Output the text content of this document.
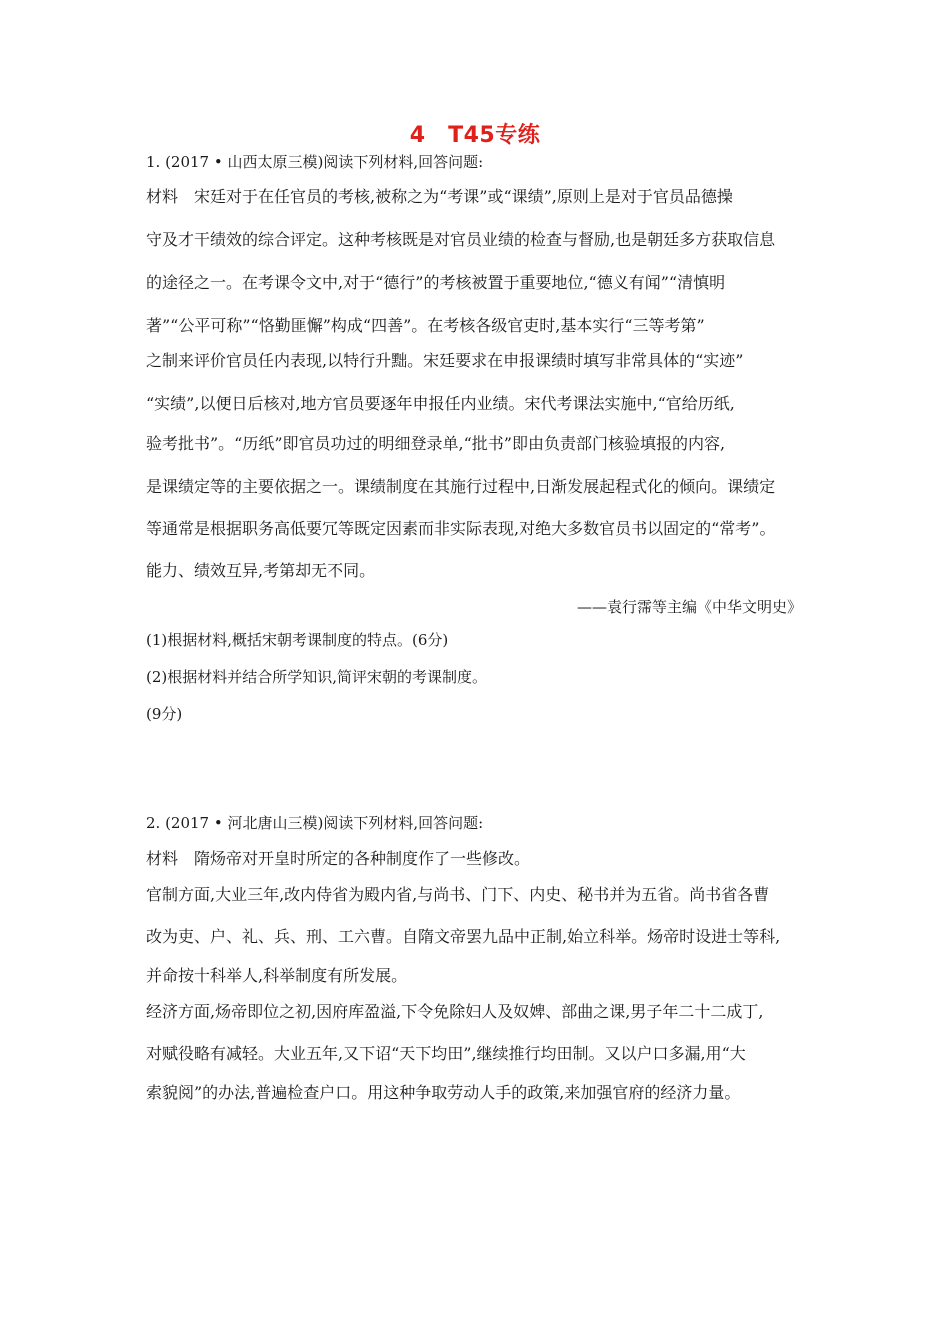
4　T45专练
1. (2017 • 山西太原三模)阅读下列材料,回答问题:
材料　宋廷对于在任官员的考核,被称之为“考课”或“课绩”,原则上是对于官员品德操
守及才干绩效的综合评定。这种考核既是对官员业绩的检查与督励,也是朝廷多方获取信息
的途径之一。在考课令文中,对于“德行”的考核被置于重要地位,“德义有闻”“清慎明
著”“公平可称”“恪勤匪懈”构成“四善”。在考核各级官吏时,基本实行“三等考第”
之制来评价官员任内表现,以特行升黜。宋廷要求在申报课绩时填写非常具体的“实迹”
“实绩”,以便日后核对,地方官员要逐年申报任内业绩。宋代考课法实施中,“官给历纸,
验考批书”。“历纸”即官员功过的明细登录单,“批书”即由负责部门核验填报的内容,
是课绩定等的主要依据之一。课绩制度在其施行过程中,日渐发展起程式化的倾向。课绩定
等通常是根据职务高低要冗等既定因素而非实际表现,对绝大多数官员书以固定的“常考”。
能力、绩效互异,考第却无不同。
——袁行霈等主编《中华文明史》
(1)根据材料,概括宋朝考课制度的特点。(6分)
(2)根据材料并结合所学知识,简评宋朝的考课制度。
(9分)
2. (2017 • 河北唐山三模)阅读下列材料,回答问题:
材料　隋炀帝对开皇时所定的各种制度作了一些修改。
官制方面,大业三年,改内侍省为殿内省,与尚书、门下、内史、秘书并为五省。尚书省各曹
改为吏、户、礼、兵、刑、工六曹。自隋文帝罢九品中正制,始立科举。炀帝时设进士等科,
并命按十科举人,科举制度有所发展。
经济方面,炀帝即位之初,因府库盈溢,下令免除妇人及奴婢、部曲之课,男子年二十二成丁,
对赋役略有减轻。大业五年,又下诏“天下均田”,继续推行均田制。又以户口多漏,用“大
索貌阅”的办法,普遍检查户口。用这种争取劳动人手的政策,来加强官府的经济力量。
